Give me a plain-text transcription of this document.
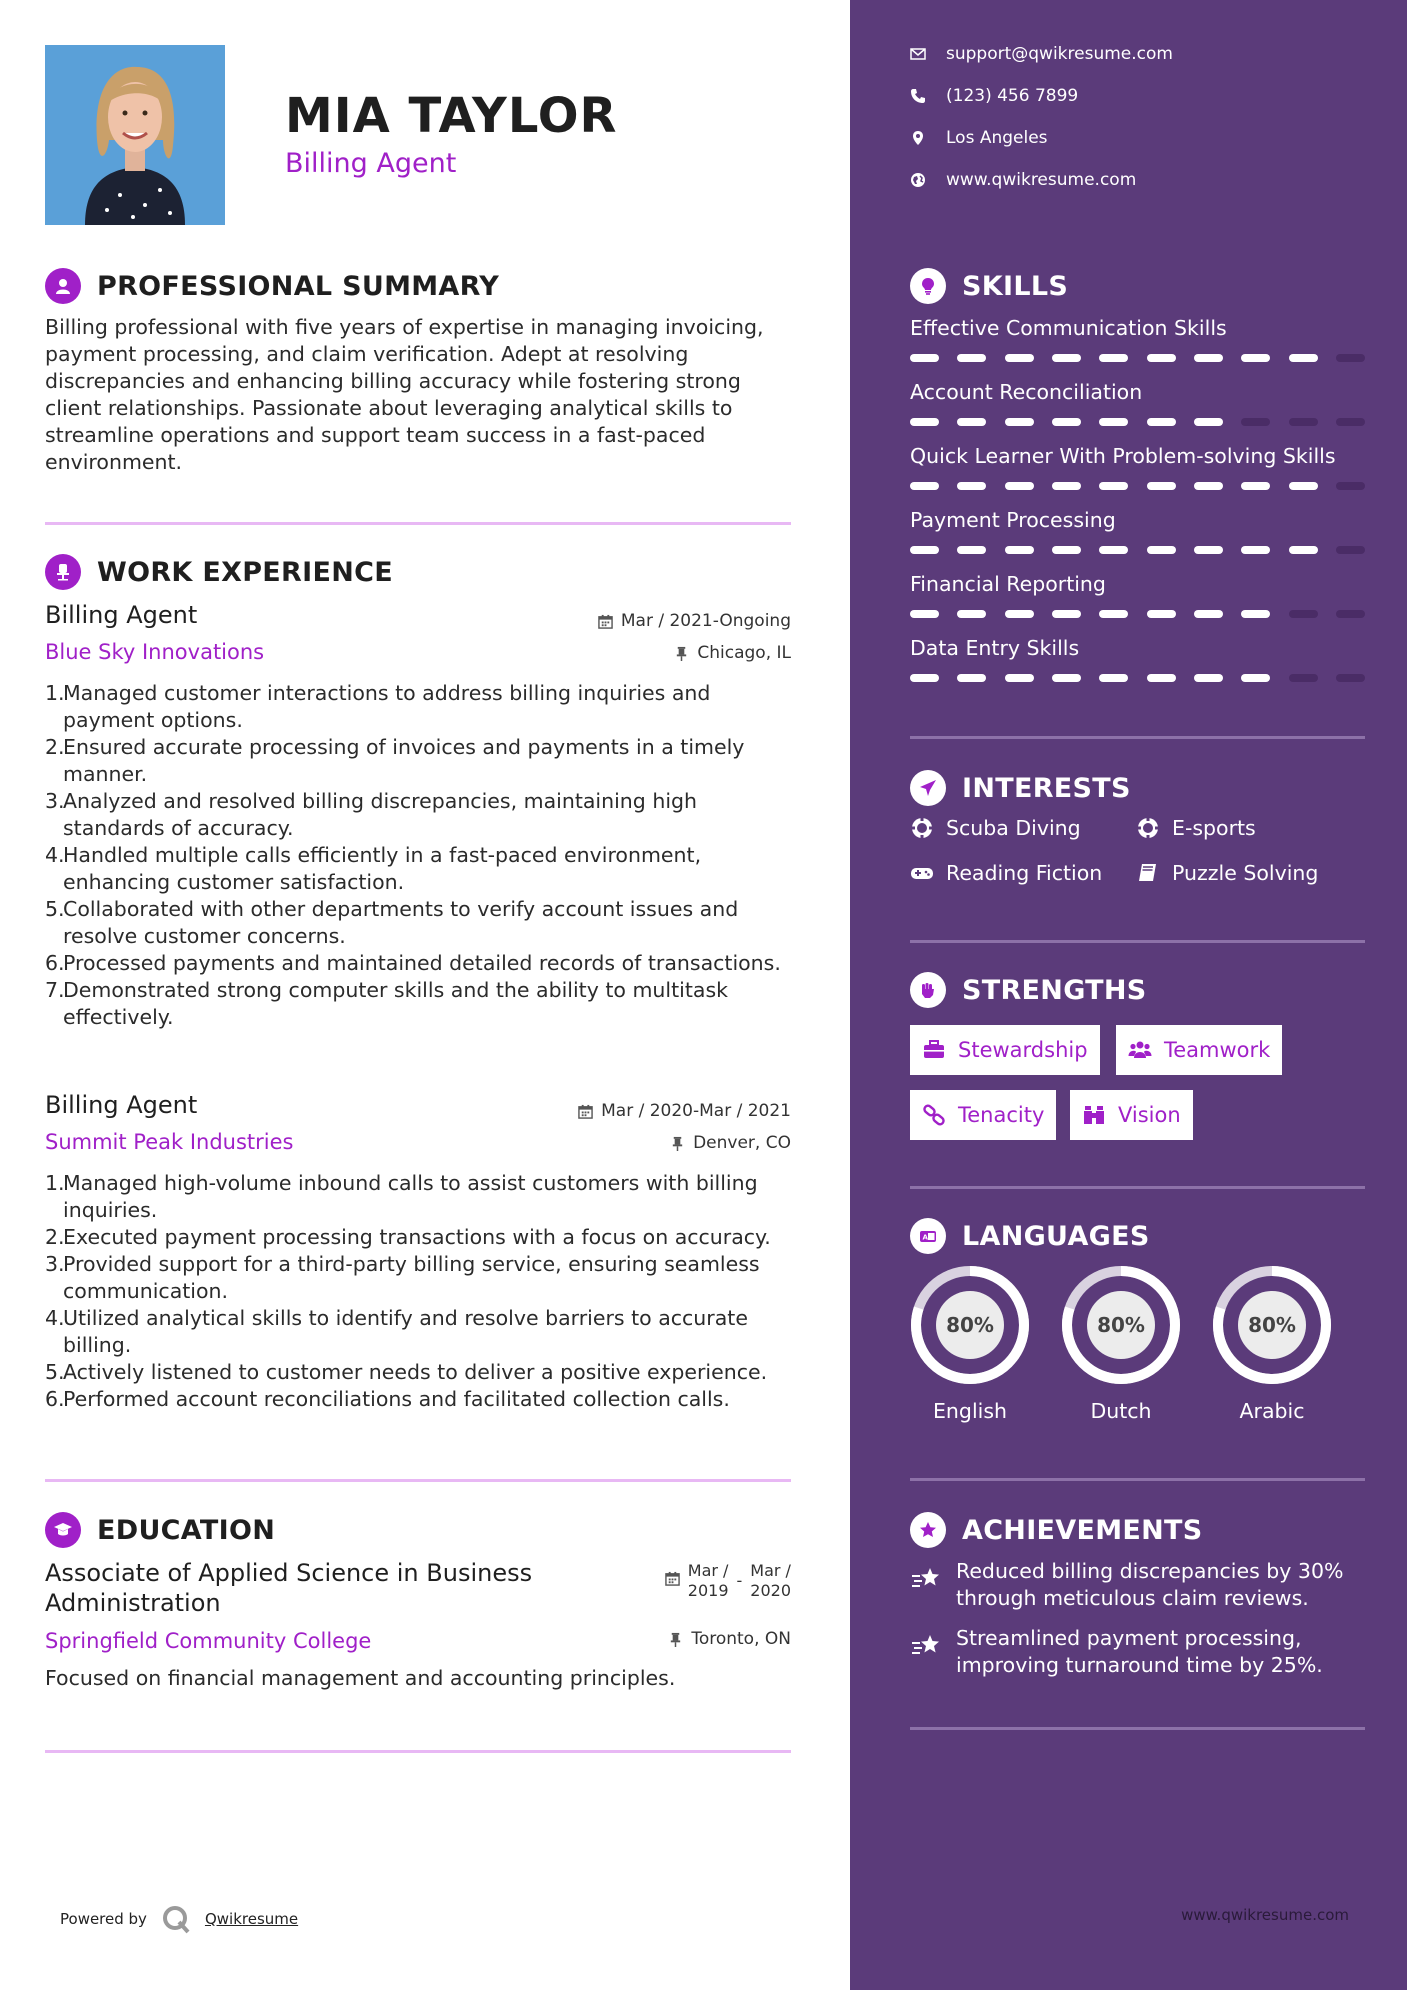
MIA TAYLOR
Billing Agent
PROFESSIONAL SUMMARY
Billing professional with five years of expertise in managing invoicing, payment processing, and claim verification. Adept at resolving discrepancies and enhancing billing accuracy while fostering strong client relationships. Passionate about leveraging analytical skills to streamline operations and support team success in a fast-paced environment.
WORK EXPERIENCE
Billing Agent	Mar / 2021-Ongoing
Blue Sky Innovations	Chicago, IL
1.
Managed customer interactions to address billing inquiries and payment options.
2.
Ensured accurate processing of invoices and payments in a timely manner.
3.
Analyzed and resolved billing discrepancies, maintaining high standards of accuracy.
4.
Handled multiple calls efficiently in a fast-paced environment, enhancing customer satisfaction.
5.
Collaborated with other departments to verify account issues and resolve customer concerns.
6.
Processed payments and maintained detailed records of transactions.
7.
Demonstrated strong computer skills and the ability to multitask effectively.
Billing Agent	Mar / 2020-Mar / 2021
Summit Peak Industries	Denver, CO
1.
Managed high-volume inbound calls to assist customers with billing inquiries.
2.
Executed payment processing transactions with a focus on accuracy.
3.
Provided support for a third-party billing service, ensuring seamless communication.
4.
Utilized analytical skills to identify and resolve barriers to accurate billing.
5.
Actively listened to customer needs to deliver a positive experience.
6.
Performed account reconciliations and facilitated collection calls.
EDUCATION
Associate of Applied Science in Business Administration
Mar /
2019
-
Mar /
2020
Springfield Community College	Toronto, ON
Focused on financial management and accounting principles.
Powered by	Qwikresume
support@qwikresume.com
(123) 456 7899
Los Angeles
www.qwikresume.com
SKILLS
Effective Communication Skills
Account Reconciliation
Quick Learner With Problem-solving Skills
Payment Processing
Financial Reporting
Data Entry Skills
INTERESTS
Scuba Diving	E-sports
Reading Fiction	Puzzle Solving
STRENGTHS
Stewardship	Teamwork
Tenacity	Vision
A LANGUAGES
80%
English
80%
Dutch
80%
Arabic
ACHIEVEMENTS
Reduced billing discrepancies by 30% through meticulous claim reviews.
Streamlined payment processing, improving turnaround time by 25%.
www.qwikresume.com
